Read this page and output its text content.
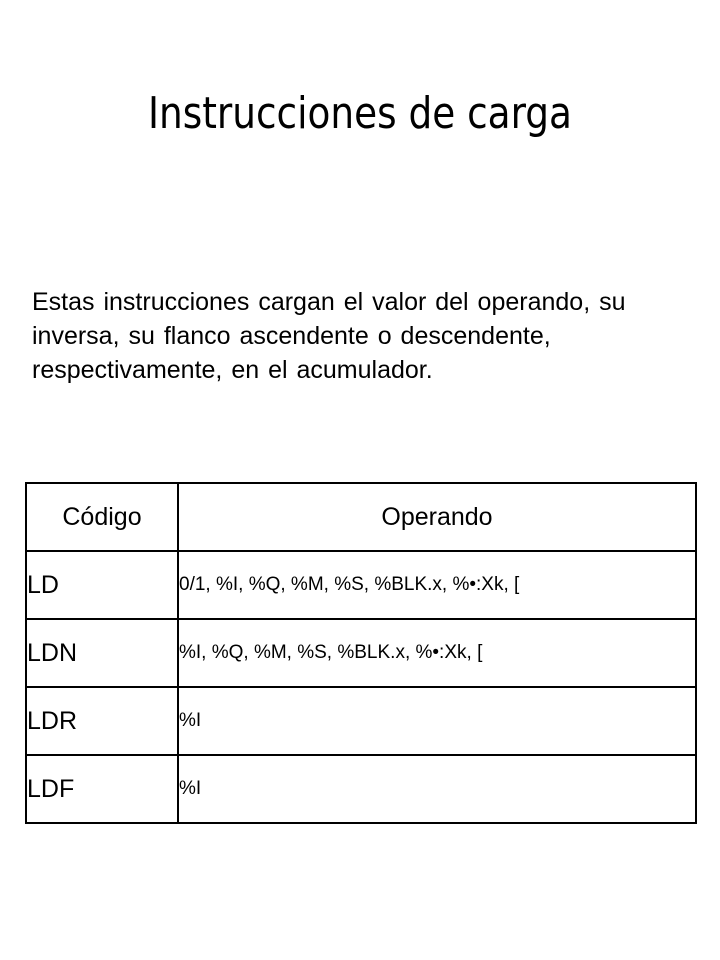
Instrucciones de carga
Estas instrucciones cargan el valor del operando, su inversa, su flanco ascendente o descendente, respectivamente, en el acumulador.
Código	Operando
LD	0/1, %I, %Q, %M, %S, %BLK.x, %•:Xk, [
LDN	%I, %Q, %M, %S, %BLK.x, %•:Xk, [
LDR	%I
LDF	%I
